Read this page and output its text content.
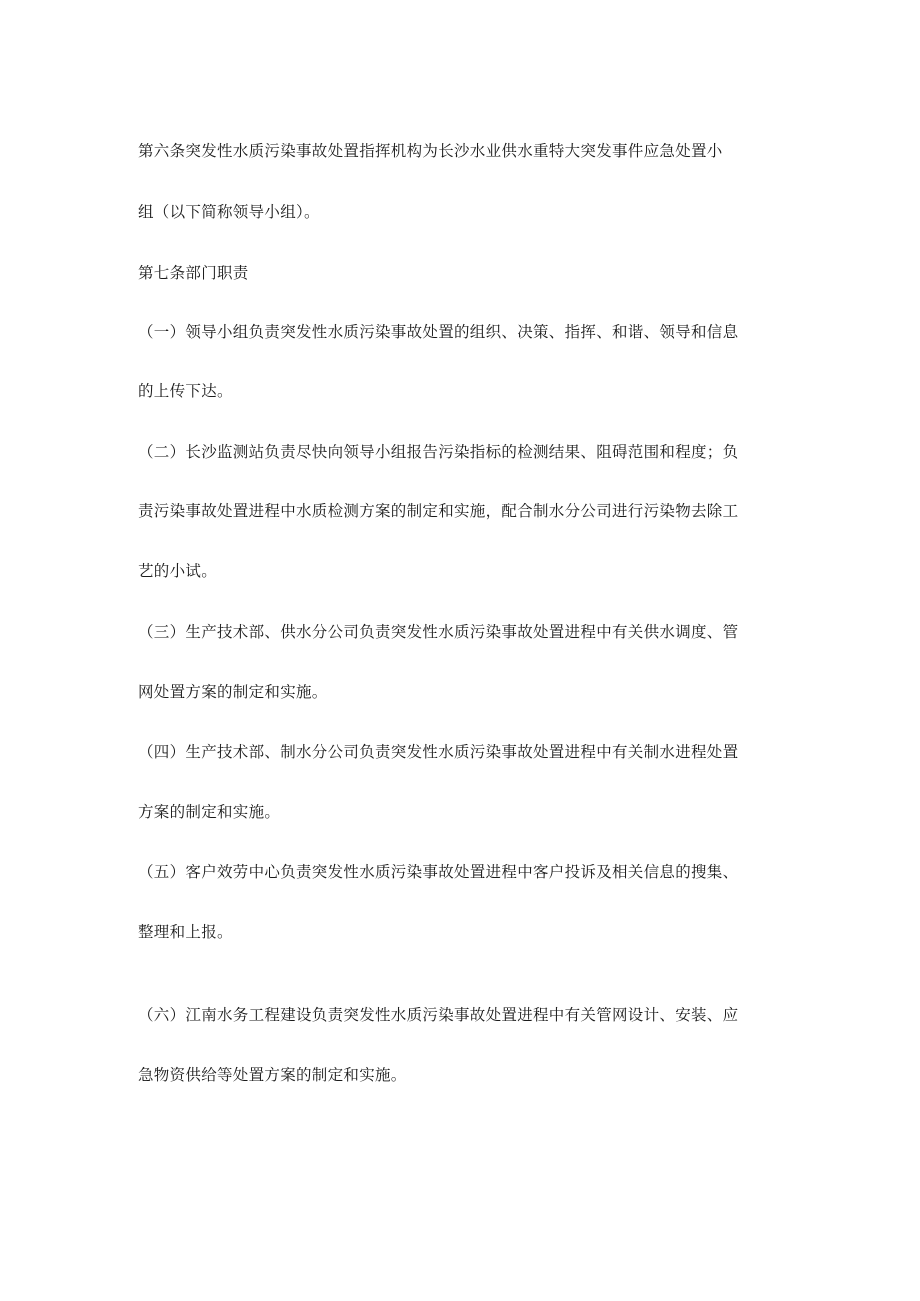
第六条突发性水质污染事故处置指挥机构为长沙水业供水重特大突发事件应急处置小
组（以下简称领导小组）。
第七条部门职责
（一）领导小组负责突发性水质污染事故处置的组织、决策、指挥、和谐、领导和信息
的上传下达。
（二）长沙监测站负责尽快向领导小组报告污染指标的检测结果、阻碍范围和程度；负
责污染事故处置进程中水质检测方案的制定和实施，配合制水分公司进行污染物去除工
艺的小试。
（三）生产技术部、供水分公司负责突发性水质污染事故处置进程中有关供水调度、管
网处置方案的制定和实施。
（四）生产技术部、制水分公司负责突发性水质污染事故处置进程中有关制水进程处置
方案的制定和实施。
（五）客户效劳中心负责突发性水质污染事故处置进程中客户投诉及相关信息的搜集、
整理和上报。
（六）江南水务工程建设负责突发性水质污染事故处置进程中有关管网设计、安装、应
急物资供给等处置方案的制定和实施。
